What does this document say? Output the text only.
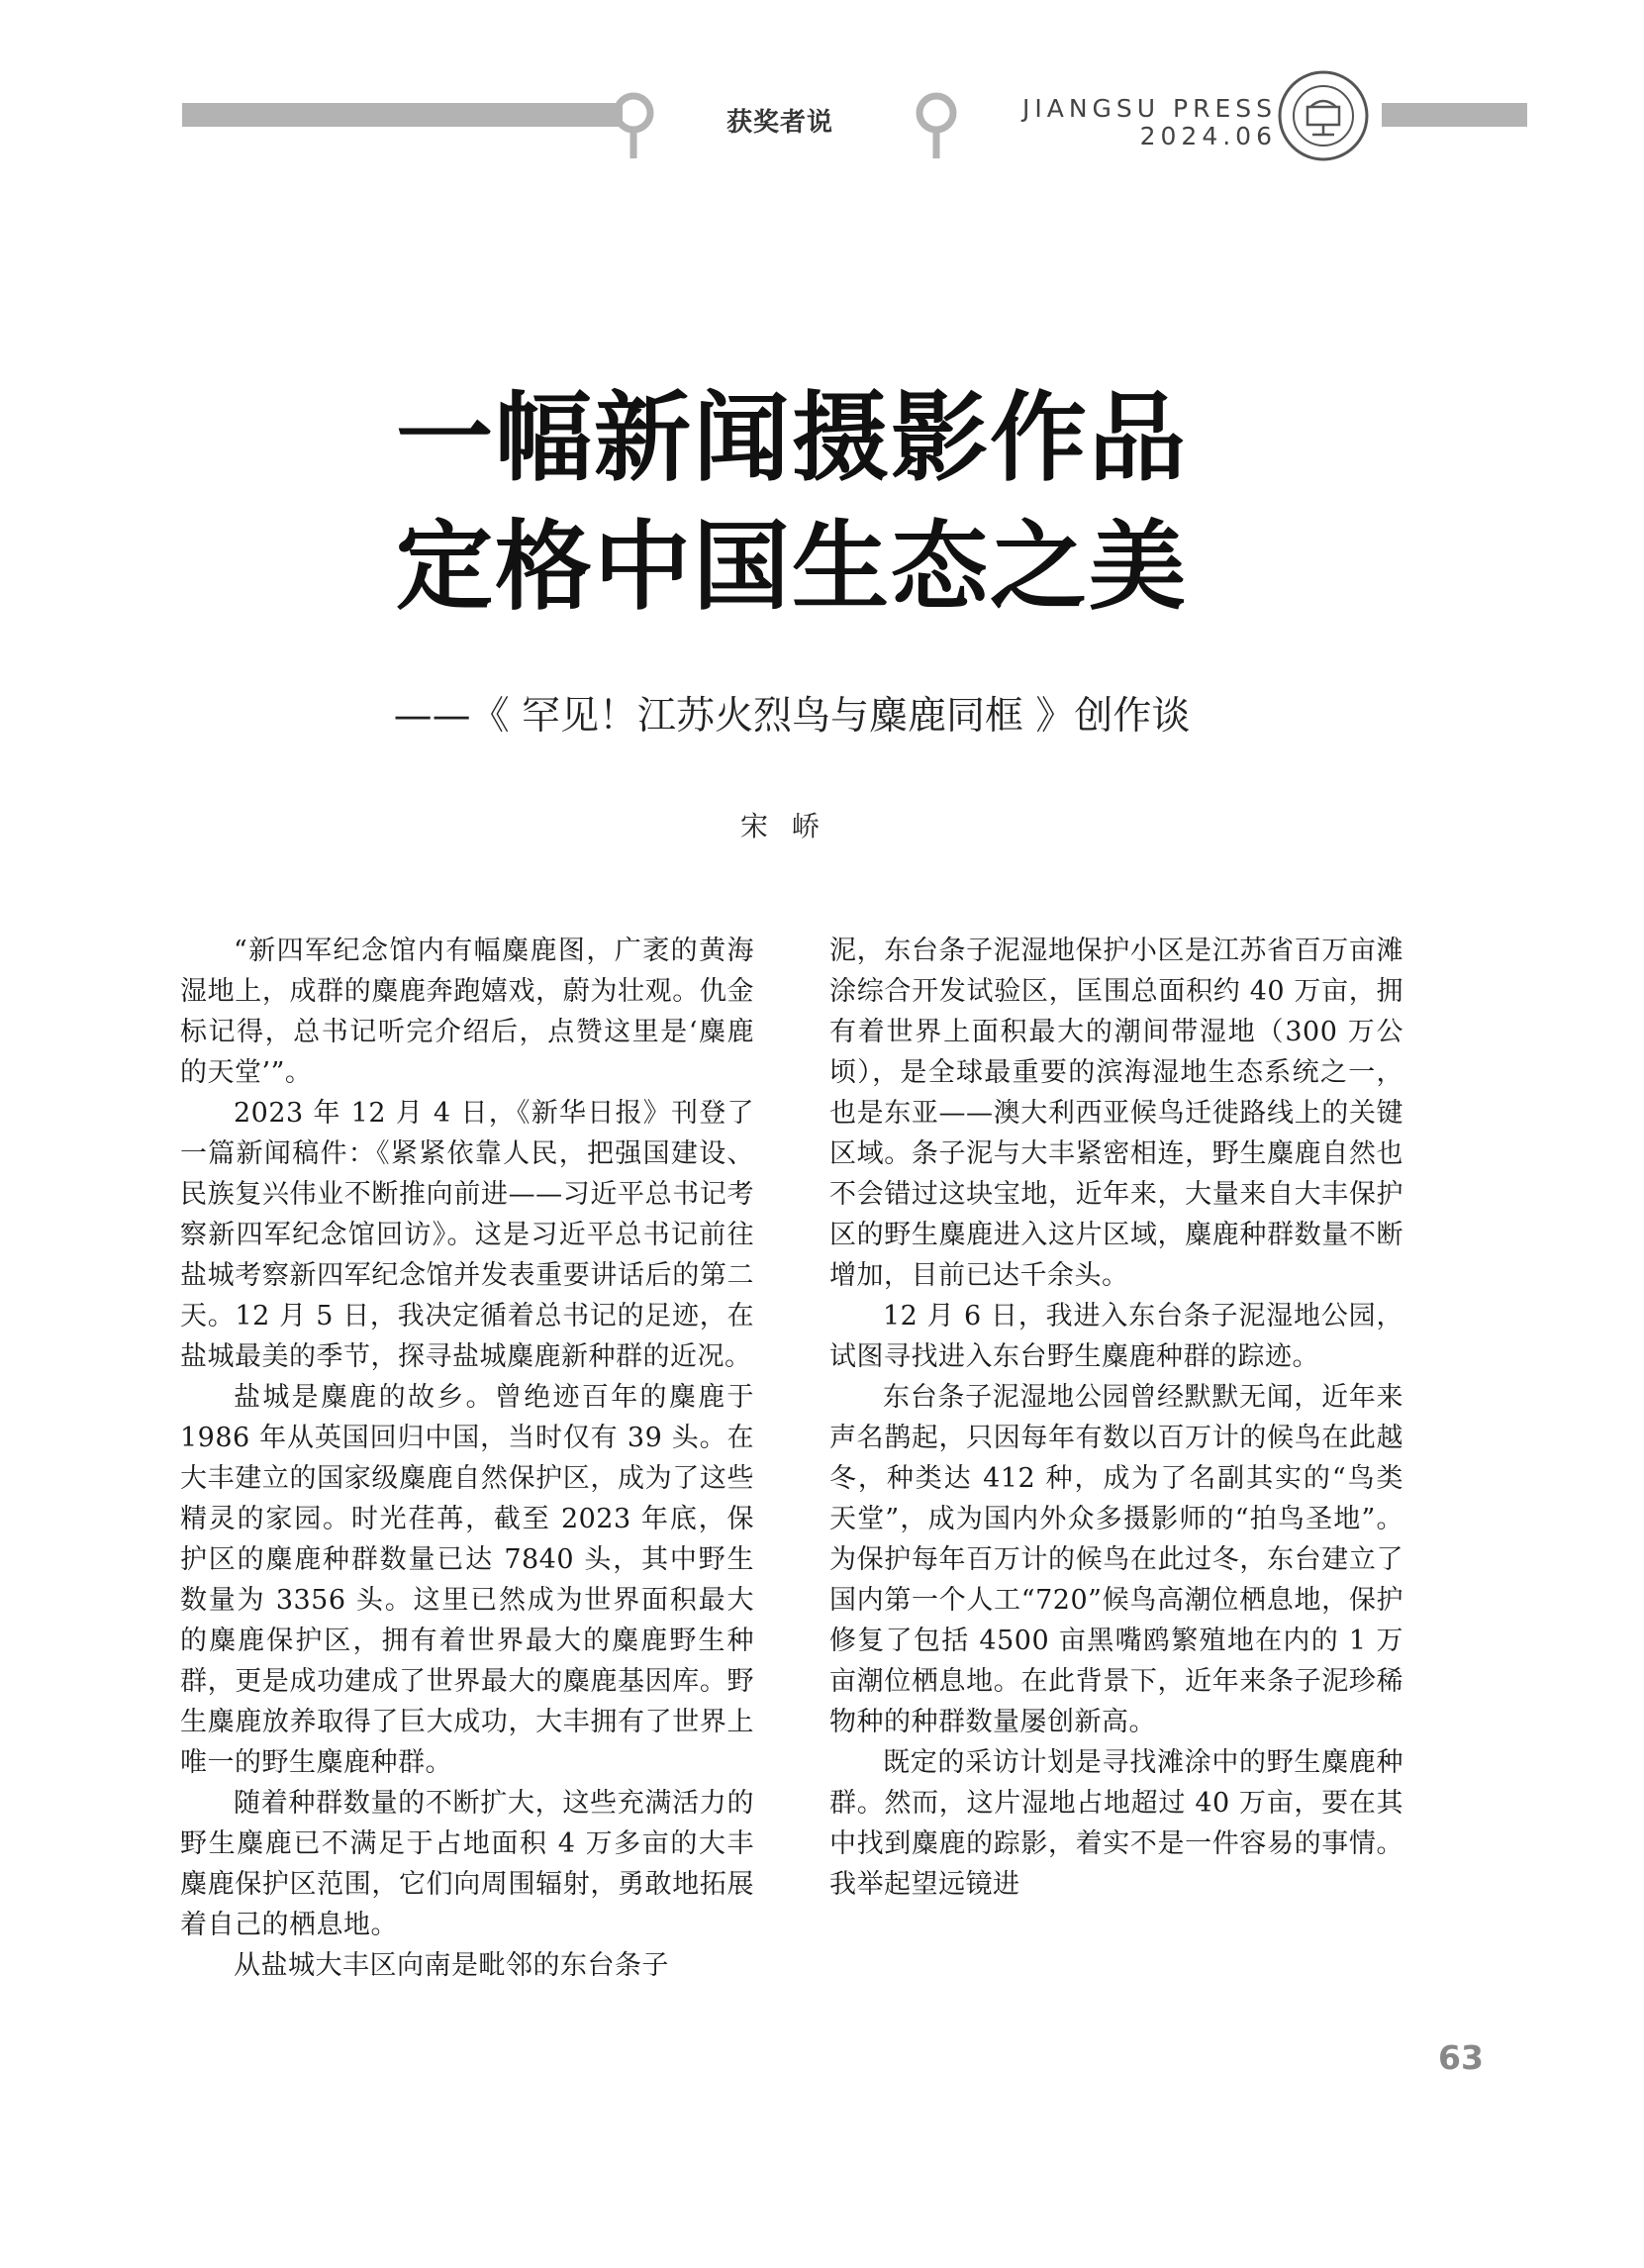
获奖者说	JIANGSU PRESS
2024.06
一幅新闻摄影作品
定格中国生态之美
——《 罕见！江苏火烈鸟与麋鹿同框 》创作谈
宋峤

“新四军纪念馆内有幅麋鹿图，广袤的黄海湿地上，成群的麋鹿奔跑嬉戏，蔚为壮观。仇金标记得，总书记听完介绍后，点赞这里是‘麋鹿的天堂’”。

2023 年 12 月 4 日，《新华日报》刊登了一篇新闻稿件：《紧紧依靠人民，把强国建设、民族复兴伟业不断推向前进——习近平总书记考察新四军纪念馆回访》。这是习近平总书记前往盐城考察新四军纪念馆并发表重要讲话后的第二天。12 月 5 日，我决定循着总书记的足迹，在盐城最美的季节，探寻盐城麋鹿新种群的近况。

盐城是麋鹿的故乡。曾绝迹百年的麋鹿于 1986 年从英国回归中国，当时仅有 39 头。在大丰建立的国家级麋鹿自然保护区，成为了这些精灵的家园。时光荏苒，截至 2023 年底，保护区的麋鹿种群数量已达 7840 头，其中野生数量为 3356 头。这里已然成为世界面积最大的麋鹿保护区，拥有着世界最大的麋鹿野生种群，更是成功建成了世界最大的麋鹿基因库。野生麋鹿放养取得了巨大成功，大丰拥有了世界上唯一的野生麋鹿种群。

随着种群数量的不断扩大，这些充满活力的野生麋鹿已不满足于占地面积 4 万多亩的大丰麋鹿保护区范围，它们向周围辐射，勇敢地拓展着自己的栖息地。

从盐城大丰区向南是毗邻的东台条子

泥，东台条子泥湿地保护小区是江苏省百万亩滩涂综合开发试验区，匡围总面积约 40 万亩，拥有着世界上面积最大的潮间带湿地（300 万公顷），是全球最重要的滨海湿地生态系统之一，也是东亚——澳大利西亚候鸟迁徙路线上的关键区域。条子泥与大丰紧密相连，野生麋鹿自然也不会错过这块宝地，近年来，大量来自大丰保护区的野生麋鹿进入这片区域，麋鹿种群数量不断增加，目前已达千余头。

12 月 6 日，我进入东台条子泥湿地公园，试图寻找进入东台野生麋鹿种群的踪迹。

东台条子泥湿地公园曾经默默无闻，近年来声名鹊起，只因每年有数以百万计的候鸟在此越冬，种类达 412 种，成为了名副其实的“鸟类天堂”，成为国内外众多摄影师的“拍鸟圣地”。为保护每年百万计的候鸟在此过冬，东台建立了国内第一个人工“720”候鸟高潮位栖息地，保护修复了包括 4500 亩黑嘴鸥繁殖地在内的 1 万亩潮位栖息地。在此背景下，近年来条子泥珍稀物种的种群数量屡创新高。

既定的采访计划是寻找滩涂中的野生麋鹿种群。然而，这片湿地占地超过 40 万亩，要在其中找到麋鹿的踪影，着实不是一件容易的事情。我举起望远镜进

63
